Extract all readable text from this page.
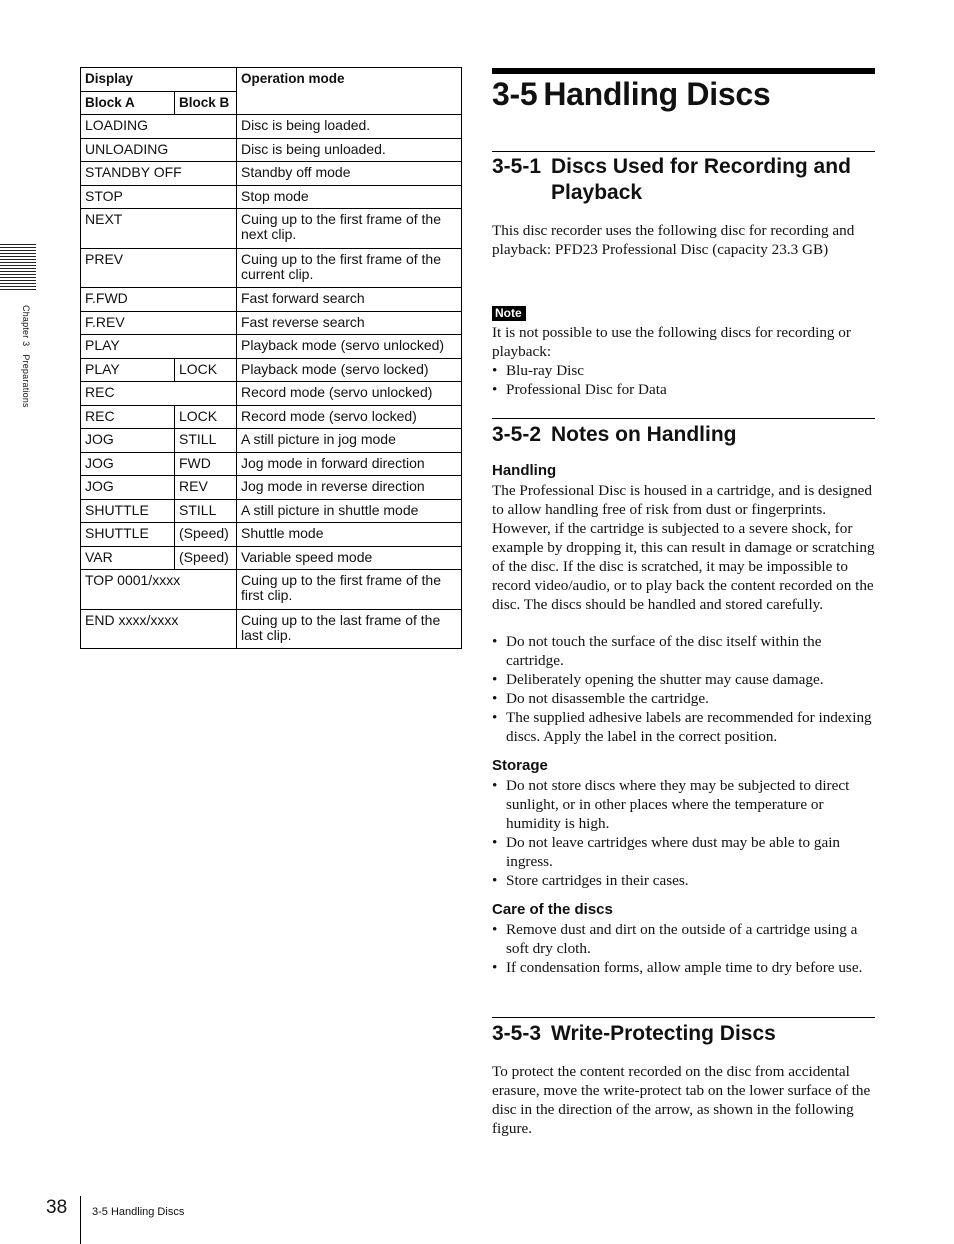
Chapter 3Preparations
Display		Operation mode
Block A	Block B	
LOADING		Disc is being loaded.
UNLOADING		Disc is being unloaded.
STANDBY OFF		Standby off mode
STOP		Stop mode
NEXT		Cuing up to the first frame of the next clip.
PREV		Cuing up to the first frame of the current clip.
F.FWD		Fast forward search
F.REV		Fast reverse search
PLAY		Playback mode (servo unlocked)
PLAY	LOCK	Playback mode (servo locked)
REC		Record mode (servo unlocked)
REC	LOCK	Record mode (servo locked)
JOG	STILL	A still picture in jog mode
JOG	FWD	Jog mode in forward direction
JOG	REV	Jog mode in reverse direction
SHUTTLE	STILL	A still picture in shuttle mode
SHUTTLE	(Speed)	Shuttle mode
VAR	(Speed)	Variable speed mode
TOP 0001/xxxx		Cuing up to the first frame of the first clip.
END xxxx/xxxx		Cuing up to the last frame of the last clip.
3-5 Handling Discs
3-5-1 Discs Used for Recording and
Playback
This disc recorder uses the following disc for recording and playback: PFD23 Professional Disc (capacity 23.3 GB)
Note
It is not possible to use the following discs for recording or playback:
• Blu-ray Disc
• Professional Disc for Data
3-5-2 Notes on Handling
Handling
The Professional Disc is housed in a cartridge, and is designed to allow handling free of risk from dust or fingerprints. However, if the cartridge is subjected to a severe shock, for example by dropping it, this can result in damage or scratching of the disc. If the disc is scratched, it may be impossible to record video/audio, or to play back the content recorded on the disc. The discs should be handled and stored carefully.
• Do not touch the surface of the disc itself within the cartridge.
• Deliberately opening the shutter may cause damage.
• Do not disassemble the cartridge.
• The supplied adhesive labels are recommended for indexing discs. Apply the label in the correct position.
Storage
• Do not store discs where they may be subjected to direct sunlight, or in other places where the temperature or humidity is high.
• Do not leave cartridges where dust may be able to gain ingress.
• Store cartridges in their cases.
Care of the discs
• Remove dust and dirt on the outside of a cartridge using a soft dry cloth.
• If condensation forms, allow ample time to dry before use.
3-5-3 Write-Protecting Discs
To protect the content recorded on the disc from accidental erasure, move the write-protect tab on the lower surface of the disc in the direction of the arrow, as shown in the following figure.
38 3-5 Handling Discs
